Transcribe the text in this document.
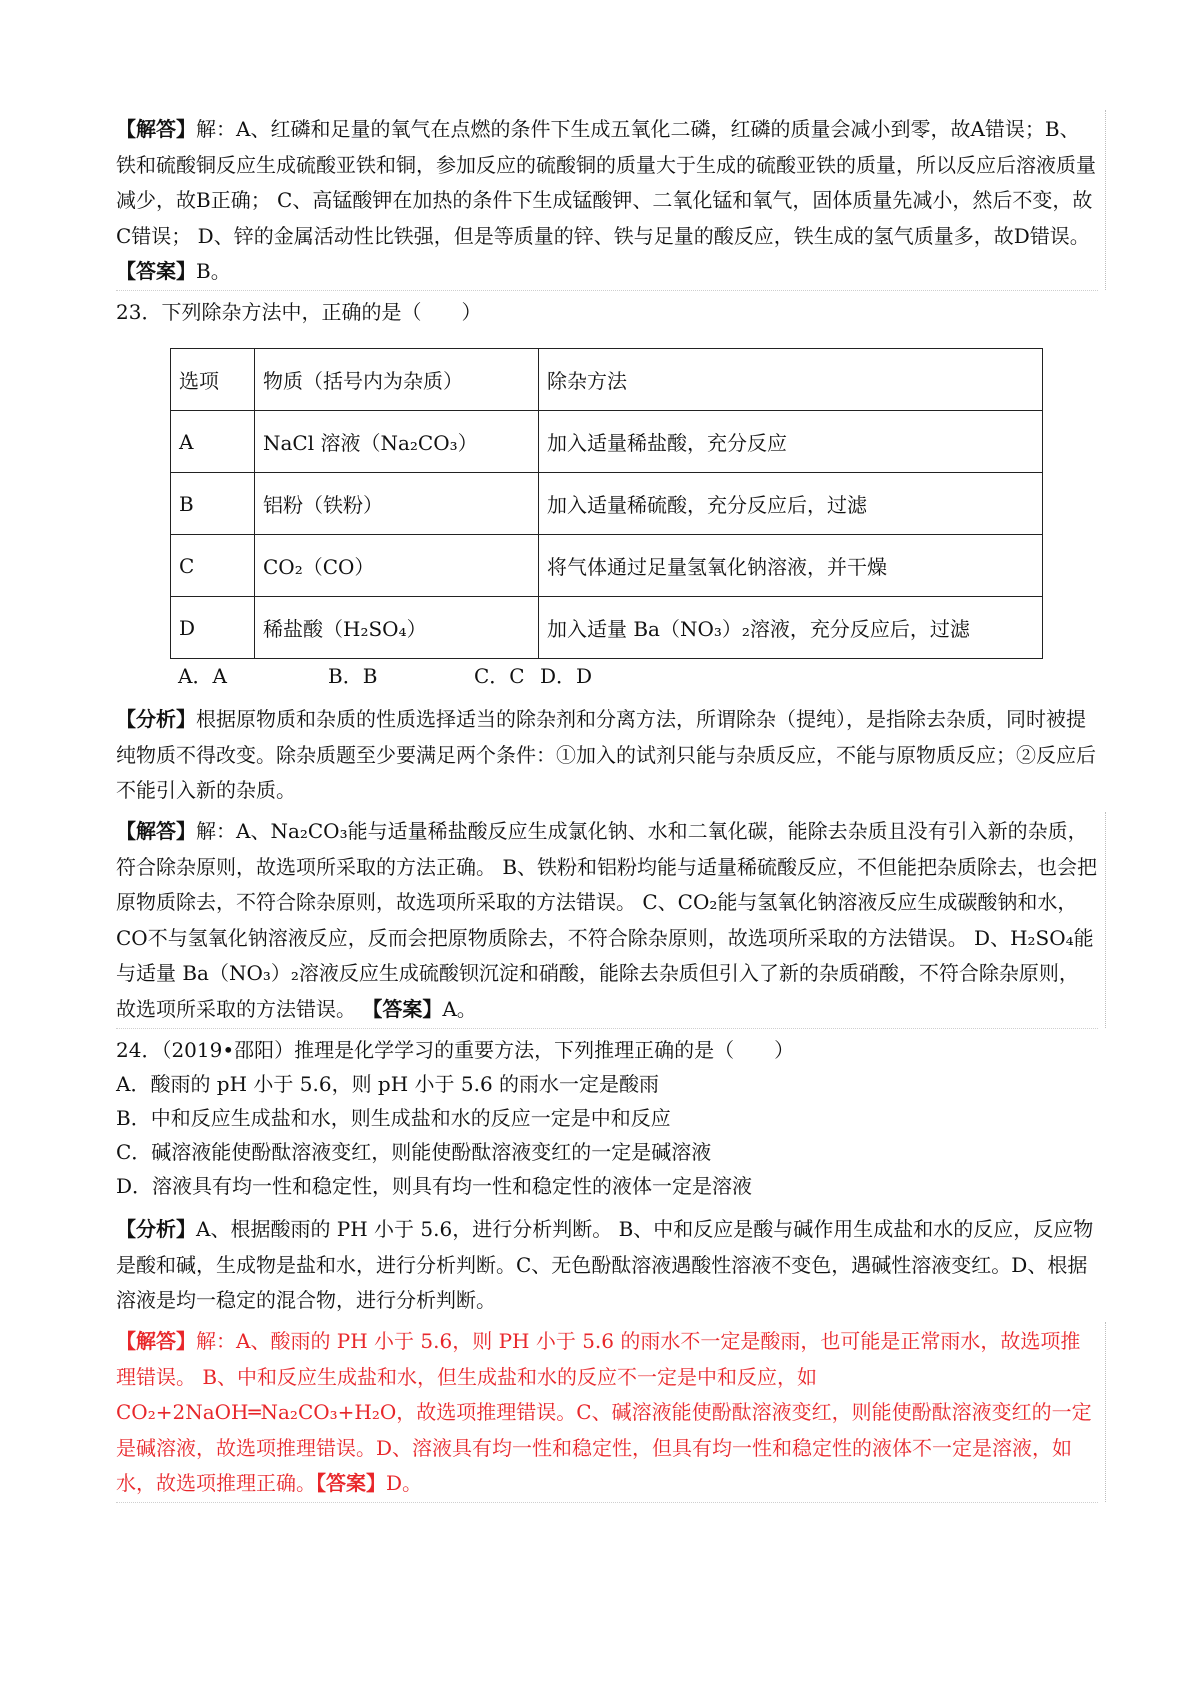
【解答】解：A、红磷和足量的氧气在点燃的条件下生成五氧化二磷，红磷的质量会减小到零，故A错误；B、铁和硫酸铜反应生成硫酸亚铁和铜，参加反应的硫酸铜的质量大于生成的硫酸亚铁的质量，所以反应后溶液质量减少，故B正确； C、高锰酸钾在加热的条件下生成锰酸钾、二氧化锰和氧气，固体质量先减小，然后不变，故C错误； D、锌的金属活动性比铁强，但是等质量的锌、铁与足量的酸反应，铁生成的氢气质量多，故D错误。 【答案】B。
23．下列除杂方法中，正确的是（　　）
选项	物质（括号内为杂质）	除杂方法
A	NaCl 溶液（Na₂CO₃）	加入适量稀盐酸，充分反应
B	铝粉（铁粉）	加入适量稀硫酸，充分反应后，过滤
C	CO₂（CO）	将气体通过足量氢氧化钠溶液，并干燥
D	稀盐酸（H₂SO₄）	加入适量 Ba（NO₃）₂溶液，充分反应后，过滤
A．A	B．B	C．C D．D
【分析】根据原物质和杂质的性质选择适当的除杂剂和分离方法，所谓除杂（提纯），是指除去杂质，同时被提纯物质不得改变。除杂质题至少要满足两个条件：①加入的试剂只能与杂质反应，不能与原物质反应；②反应后不能引入新的杂质。
【解答】解：A、Na₂CO₃能与适量稀盐酸反应生成氯化钠、水和二氧化碳，能除去杂质且没有引入新的杂质，符合除杂原则，故选项所采取的方法正确。 B、铁粉和铝粉均能与适量稀硫酸反应，不但能把杂质除去，也会把原物质除去，不符合除杂原则，故选项所采取的方法错误。 C、CO₂能与氢氧化钠溶液反应生成碳酸钠和水，CO不与氢氧化钠溶液反应，反而会把原物质除去，不符合除杂原则，故选项所采取的方法错误。 D、H₂SO₄能与适量 Ba（NO₃）₂溶液反应生成硫酸钡沉淀和硝酸，能除去杂质但引入了新的杂质硝酸，不符合除杂原则，故选项所采取的方法错误。 【答案】A。
24．（2019•邵阳）推理是化学学习的重要方法，下列推理正确的是（　　）
A．酸雨的 pH 小于 5.6，则 pH 小于 5.6 的雨水一定是酸雨
B．中和反应生成盐和水，则生成盐和水的反应一定是中和反应
C．碱溶液能使酚酞溶液变红，则能使酚酞溶液变红的一定是碱溶液
D．溶液具有均一性和稳定性，则具有均一性和稳定性的液体一定是溶液
【分析】A、根据酸雨的 PH 小于 5.6，进行分析判断。 B、中和反应是酸与碱作用生成盐和水的反应，反应物是酸和碱，生成物是盐和水，进行分析判断。C、无色酚酞溶液遇酸性溶液不变色，遇碱性溶液变红。D、根据溶液是均一稳定的混合物，进行分析判断。
【解答】解：A、酸雨的 PH 小于 5.6，则 PH 小于 5.6 的雨水不一定是酸雨，也可能是正常雨水，故选项推理错误。 B、中和反应生成盐和水，但生成盐和水的反应不一定是中和反应，如 CO₂+2NaOH═Na₂CO₃+H₂O，故选项推理错误。C、碱溶液能使酚酞溶液变红，则能使酚酞溶液变红的一定是碱溶液，故选项推理错误。D、溶液具有均一性和稳定性，但具有均一性和稳定性的液体不一定是溶液，如水，故选项推理正确。【答案】D。
